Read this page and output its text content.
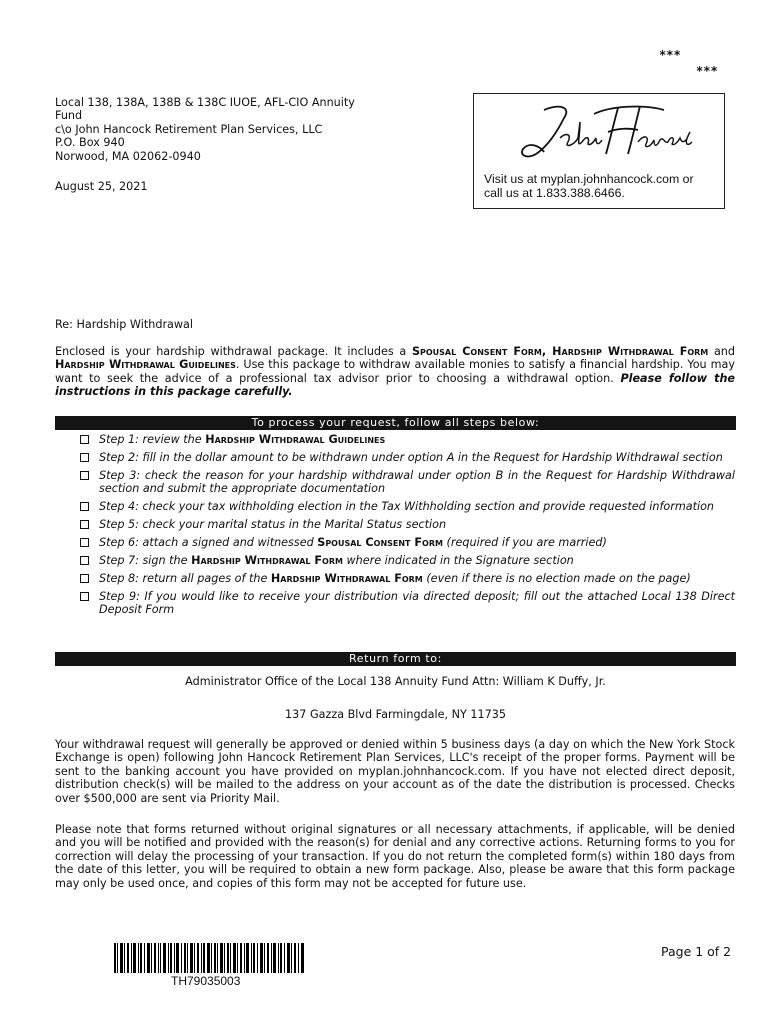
***
***
Local 138, 138A, 138B & 138C IUOE, AFL-CIO Annuity
Fund
c\o John Hancock Retirement Plan Services, LLC
P.O. Box 940
Norwood, MA 02062-0940
August 25, 2021
Visit us at myplan.johnhancock.com or
call us at 1.833.388.6466.
Re: Hardship Withdrawal
Enclosed is your hardship withdrawal package. It includes a Spousal Consent Form, Hardship Withdrawal Form and Hardship Withdrawal Guidelines. Use this package to withdraw available monies to satisfy a financial hardship. You may want to seek the advice of a professional tax advisor prior to choosing a withdrawal option. Please follow the instructions in this package carefully.
To process your request, follow all steps below:
Step 1: review the Hardship Withdrawal Guidelines
Step 2: fill in the dollar amount to be withdrawn under option A in the Request for Hardship Withdrawal section
Step 3: check the reason for your hardship withdrawal under option B in the Request for Hardship Withdrawal section and submit the appropriate documentation
Step 4: check your tax withholding election in the Tax Withholding section and provide requested information
Step 5: check your marital status in the Marital Status section
Step 6: attach a signed and witnessed Spousal Consent Form (required if you are married)
Step 7: sign the Hardship Withdrawal Form where indicated in the Signature section
Step 8: return all pages of the Hardship Withdrawal Form (even if there is no election made on the page)
Step 9: If you would like to receive your distribution via directed deposit; fill out the attached Local 138 Direct Deposit Form
Return form to:
Administrator Office of the Local 138 Annuity Fund Attn: William K Duffy, Jr.
137 Gazza Blvd Farmingdale, NY 11735
Your withdrawal request will generally be approved or denied within 5 business days (a day on which the New York Stock Exchange is open) following John Hancock Retirement Plan Services, LLC's receipt of the proper forms. Payment will be sent to the banking account you have provided on myplan.johnhancock.com. If you have not elected direct deposit, distribution check(s) will be mailed to the address on your account as of the date the distribution is processed. Checks over $500,000 are sent via Priority Mail.
Please note that forms returned without original signatures or all necessary attachments, if applicable, will be denied and you will be notified and provided with the reason(s) for denial and any corrective actions. Returning forms to you for correction will delay the processing of your transaction. If you do not return the completed form(s) within 180 days from the date of this letter, you will be required to obtain a new form package. Also, please be aware that this form package may only be used once, and copies of this form may not be accepted for future use.
TH79035003
Page 1 of 2
